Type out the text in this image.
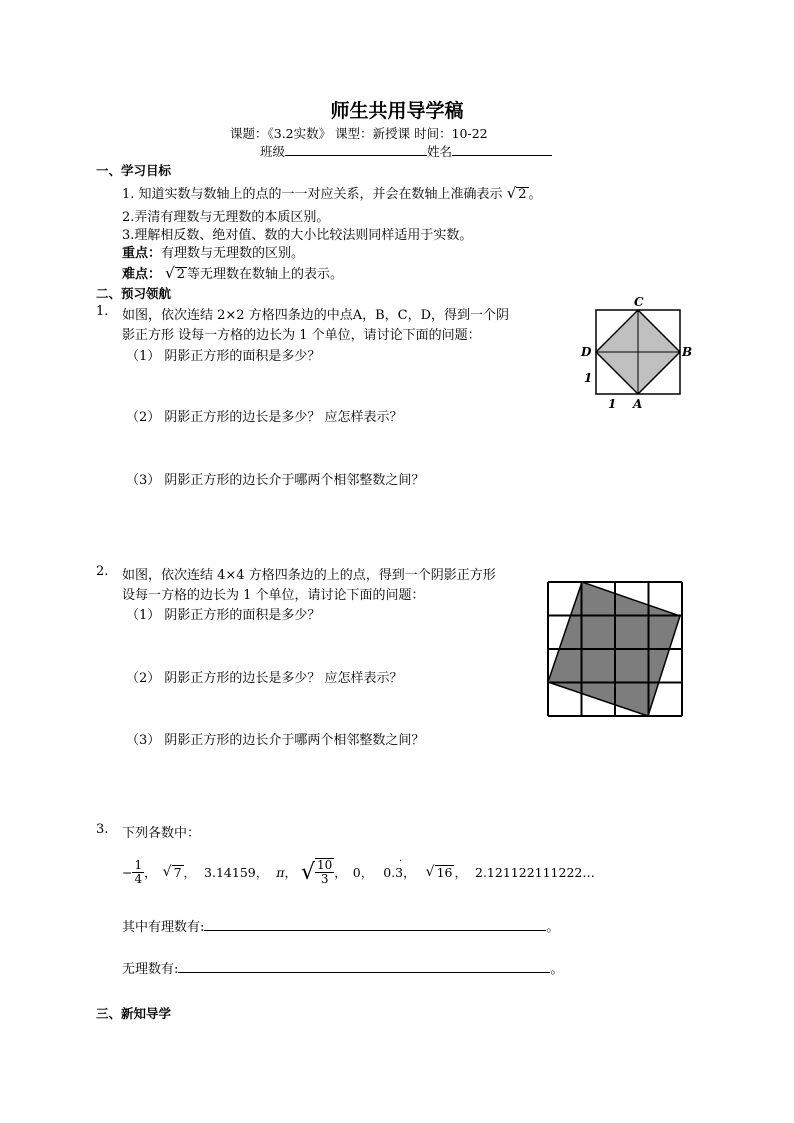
师生共用导学稿
课题：《3.2实数》 课型：新授课 时间：10-22
班级	姓名
一、学习目标
1. 知道实数与数轴上的点的一一对应关系，并会在数轴上准确表示 √ 2 。
2.弄清有理数与无理数的本质区别。
3.理解相反数、绝对值、数的大小比较法则同样适用于实数。
重点：有理数与无理数的区别。
难点： √ 2 等无理数在数轴上的表示。
二、预习领航
1. 如图，依次连结 2×2 方格四条边的中点A，B，C，D，得到一个阴
影正方形 设每一方格的边长为 1 个单位，请讨论下面的问题：
（1） 阴影正方形的面积是多少？
（2） 阴影正方形的边长是多少？ 应怎样表示？
（3） 阴影正方形的边长介于哪两个相邻整数之间？
C
D	B
A
1
1
2. 如图，依次连结 4×4 方格四条边的上的点，得到一个阴影正方形
设每一方格的边长为 1 个单位，请讨论下面的问题：
（1） 阴影正方形的面积是多少？
（2） 阴影正方形的边长是多少？ 应怎样表示？
（3） 阴影正方形的边长介于哪两个相邻整数之间？
3. 下列各数中：
− $\frac{1}{4}$ ， √ 7 ， 3.14159， π ， √ $\frac{10}{3}$ ， 0， 0.3
·
， √ 16 ， 2.121122111222…
其中有理数有:	。
无理数有:	。
三、新知导学
